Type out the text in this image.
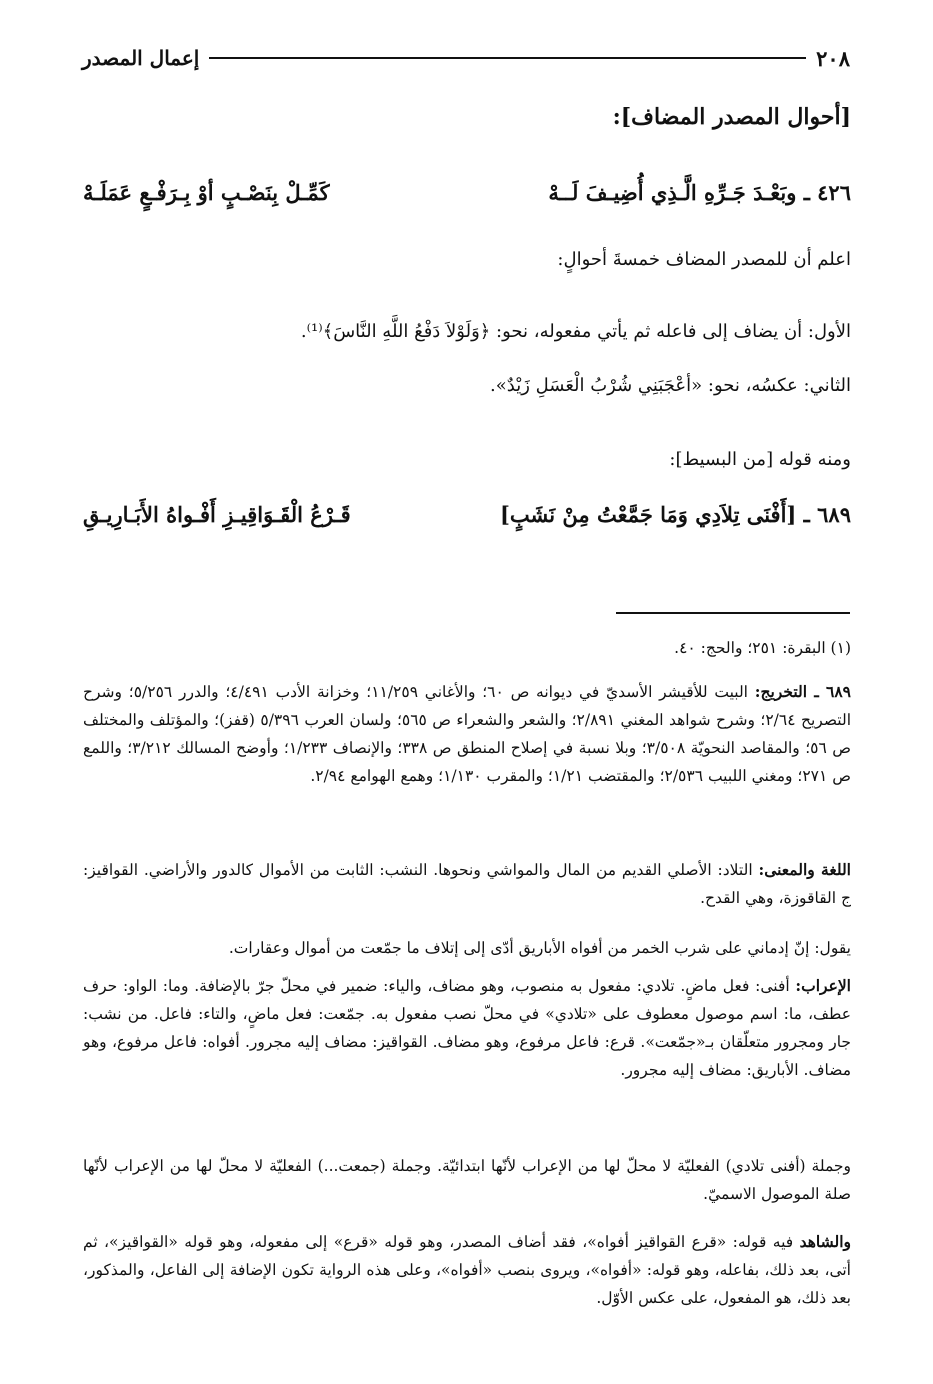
٢٠٨
إعمال المصدر
[أحوال المصدر المضاف]:
٤٢٦ ـ وبَعْـدَ جَـرِّهِ الَّـذِي أُضِيـفَ لَــهْ
كَمِّـلْ بِنَصْـبٍ أوْ بِـرَفْـعٍ عَمَلَـهْ
اعلم أن للمصدر المضاف خمسةَ أحوالٍ:
الأول: أن يضاف إلى فاعله ثم يأتي مفعوله، نحو: ﴿وَلَوْلاَ دَفْعُ اللَّهِ النَّاسَ﴾⁽¹⁾.
الثاني: عكسُه، نحو: «أعْجَبَنِي شُرْبُ الْعَسَلِ زَيْدٌ».
ومنه قوله [من البسيط]:
٦٨٩ ـ [أَفْنَى تِلاَدِي وَمَا جَمَّعْتُ مِنْ نَشَبٍ]
قَـرْعُ الْقَـوَاقِيـزِ أَفْـواهُ الأَبَـارِيـقِ
(١) البقرة: ٢٥١؛ والحج: ٤٠.
٦٨٩ ـ التخريج: البيت للأقيشر الأسديّ في ديوانه ص ٦٠؛ والأغاني ١١/٢٥٩؛ وخزانة الأدب ٤/٤٩١؛ والدرر ٥/٢٥٦؛ وشرح التصريح ٢/٦٤؛ وشرح شواهد المغني ٢/٨٩١؛ والشعر والشعراء ص ٥٦٥؛ ولسان العرب ٥/٣٩٦ (قفز)؛ والمؤتلف والمختلف ص ٥٦؛ والمقاصد النحويّة ٣/٥٠٨؛ وبلا نسبة في إصلاح المنطق ص ٣٣٨؛ والإنصاف ١/٢٣٣؛ وأوضح المسالك ٣/٢١٢؛ واللمع ص ٢٧١؛ ومغني اللبيب ٢/٥٣٦؛ والمقتضب ١/٢١؛ والمقرب ١/١٣٠؛ وهمع الهوامع ٢/٩٤.
اللغة والمعنى: التلاد: الأصلي القديم من المال والمواشي ونحوها. النشب: الثابت من الأموال كالدور والأراضي. القواقيز: ج القاقوزة، وهي القدح.
يقول: إنّ إدماني على شرب الخمر من أفواه الأباريق أدّى إلى إتلاف ما جمّعت من أموال وعقارات.
الإعراب: أفنى: فعل ماضٍ. تلادي: مفعول به منصوب، وهو مضاف، والياء: ضمير في محلّ جرّ بالإضافة. وما: الواو: حرف عطف، ما: اسم موصول معطوف على «تلادي» في محلّ نصب مفعول به. جمّعت: فعل ماضٍ، والتاء: فاعل. من نشب: جار ومجرور متعلّقان بـ«جمّعت». قرع: فاعل مرفوع، وهو مضاف. القواقيز: مضاف إليه مجرور. أفواه: فاعل مرفوع، وهو مضاف. الأباريق: مضاف إليه مجرور.
وجملة (أفنى تلادي) الفعليّة لا محلّ لها من الإعراب لأنّها ابتدائيّة. وجملة (جمعت...) الفعليّة لا محلّ لها من الإعراب لأنّها صلة الموصول الاسميّ.
والشاهد فيه قوله: «قرع القواقيز أفواه»، فقد أضاف المصدر، وهو قوله «قرع» إلى مفعوله، وهو قوله «القواقيز»، ثم أتى، بعد ذلك، بفاعله، وهو قوله: «أفواه»، ويروى بنصب «أفواه»، وعلى هذه الرواية تكون الإضافة إلى الفاعل، والمذكور، بعد ذلك، هو المفعول، على عكس الأوّل.
